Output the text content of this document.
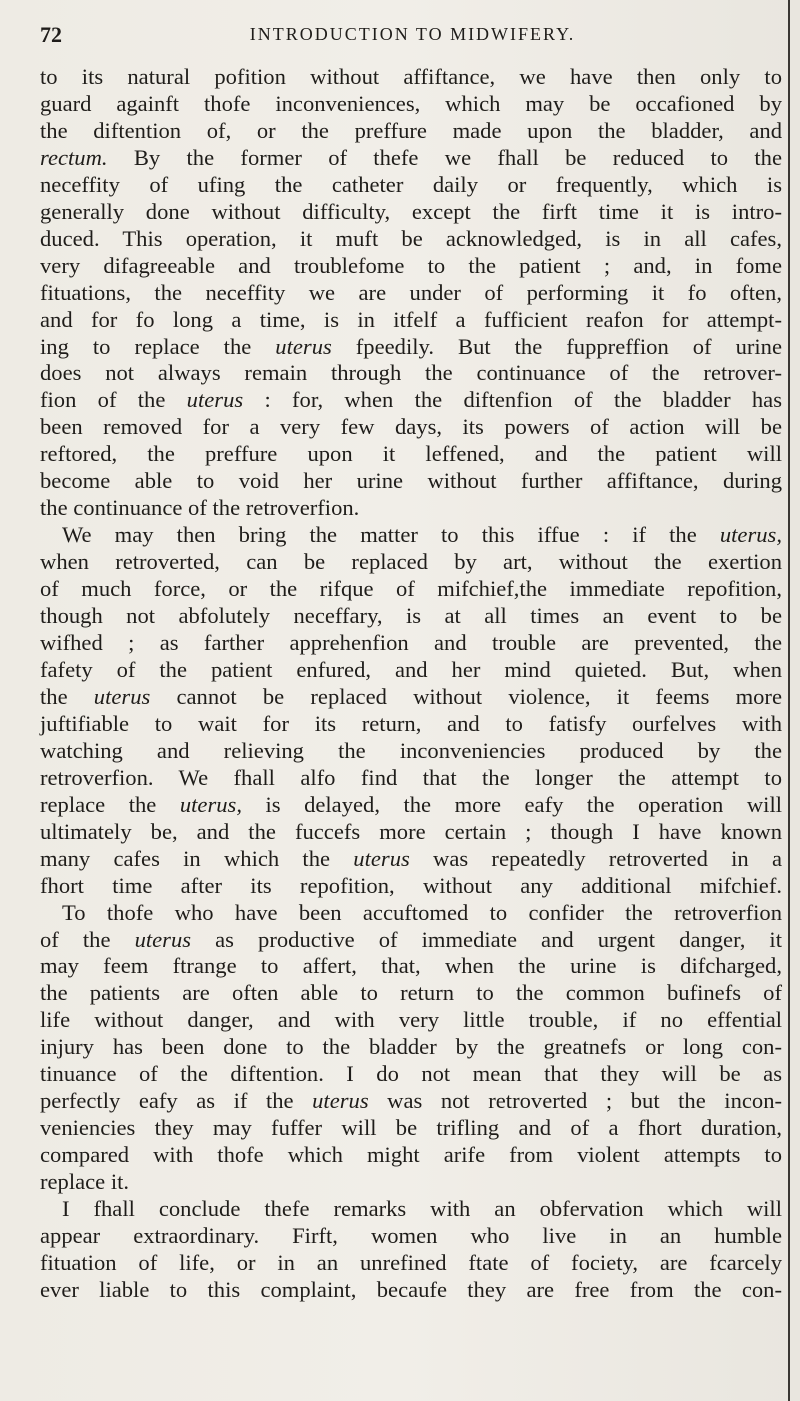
72	INTRODUCTION TO MIDWIFERY.
to its natural pofition without affiftance, we have then only to
guard againft thofe inconveniences, which may be occafioned by
the diftention of, or the preffure made upon the bladder, and
rectum. By the former of thefe we fhall be reduced to the
neceffity of ufing the catheter daily or frequently, which is
generally done without difficulty, except the firft time it is intro-
duced. This operation, it muft be acknowledged, is in all cafes,
very difagreeable and troublefome to the patient ; and, in fome
fituations, the neceffity we are under of performing it fo often,
and for fo long a time, is in itfelf a fufficient reafon for attempt-
ing to replace the uterus fpeedily. But the fuppreffion of urine
does not always remain through the continuance of the retrover-
fion of the uterus : for, when the diftenfion of the bladder has
been removed for a very few days, its powers of action will be
reftored, the preffure upon it leffened, and the patient will
become able to void her urine without further affiftance, during
the continuance of the retroverfion.
We may then bring the matter to this iffue : if the uterus,
when retroverted, can be replaced by art, without the exertion
of much force, or the rifque of mifchief,the immediate repofition,
though not abfolutely neceffary, is at all times an event to be
wifhed ; as farther apprehenfion and trouble are prevented, the
fafety of the patient enfured, and her mind quieted. But, when
the uterus cannot be replaced without violence, it feems more
juftifiable to wait for its return, and to fatisfy ourfelves with
watching and relieving the inconveniencies produced by the
retroverfion. We fhall alfo find that the longer the attempt to
replace the uterus, is delayed, the more eafy the operation will
ultimately be, and the fuccefs more certain ; though I have known
many cafes in which the uterus was repeatedly retroverted in a
fhort time after its repofition, without any additional mifchief.
To thofe who have been accuftomed to confider the retroverfion
of the uterus as productive of immediate and urgent danger, it
may feem ftrange to affert, that, when the urine is difcharged,
the patients are often able to return to the common bufinefs of
life without danger, and with very little trouble, if no effential
injury has been done to the bladder by the greatnefs or long con-
tinuance of the diftention. I do not mean that they will be as
perfectly eafy as if the uterus was not retroverted ; but the incon-
veniencies they may fuffer will be trifling and of a fhort duration,
compared with thofe which might arife from violent attempts to
replace it.
I fhall conclude thefe remarks with an obfervation which will
appear extraordinary. Firft, women who live in an humble
fituation of life, or in an unrefined ftate of fociety, are fcarcely
ever liable to this complaint, becaufe they are free from the con-
